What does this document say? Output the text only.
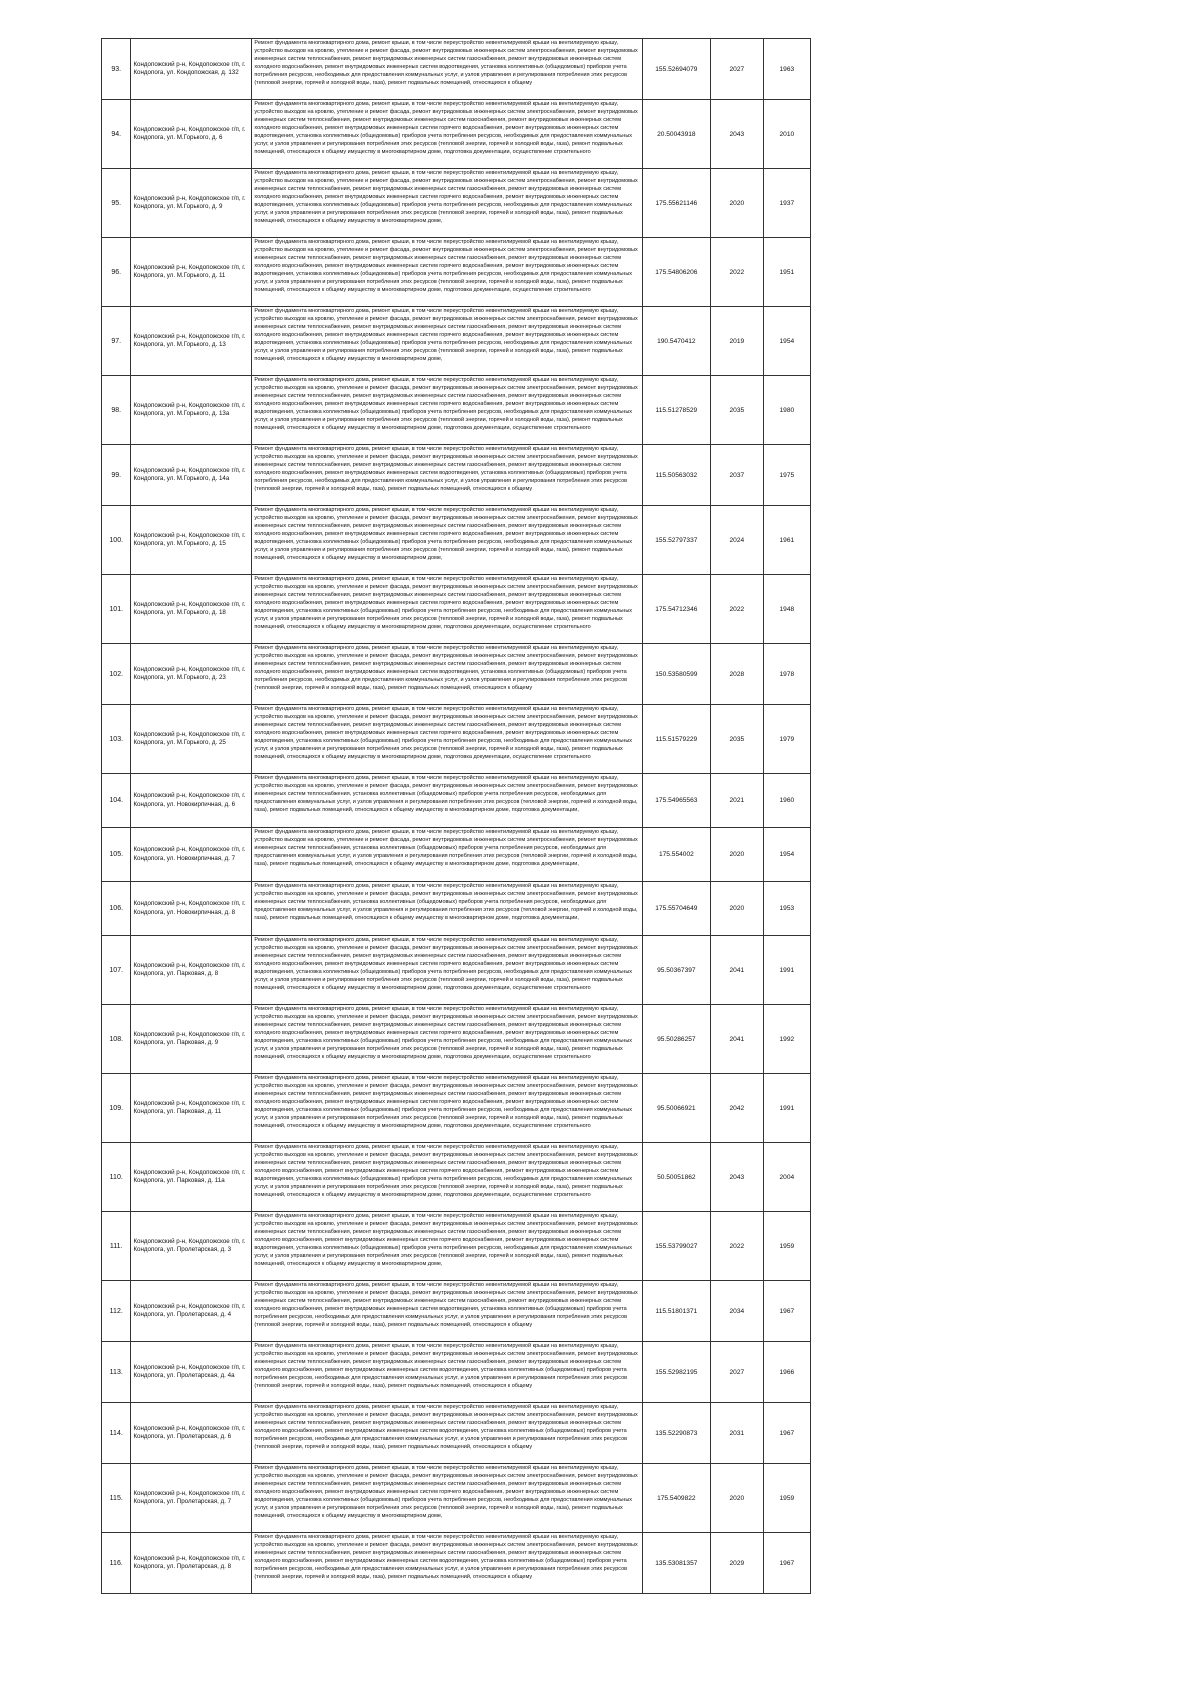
93.	Кондопожский р-н, Кондопожское г/п, г. Кондопога, ул. Кондопожская, д. 132	Ремонт фундамента многоквартирного дома, ремонт крыши, в том числе переустройство невентилируемой крыши на вентилируемую крышу, устройство выходов на кровлю, утепление и ремонт фасада, ремонт внутридомовых инженерных систем электроснабжения, ремонт внутридомовых инженерных систем теплоснабжения, ремонт внутридомовых инженерных систем газоснабжения, ремонт внутридомовых инженерных систем холодного водоснабжения, ремонт внутридомовых инженерных систем водоотведения, установка коллективных (общедомовых) приборов учета потребления ресурсов, необходимых для предоставления коммунальных услуг, и узлов управления и регулирования потребления этих ресурсов (тепловой энергии, горячей и холодной воды, газа), ремонт подвальных помещений, относящихся к общему	155.52694079	2027	1963
94.	Кондопожский р-н, Кондопожское г/п, г. Кондопога, ул. М.Горького, д. 6	Ремонт фундамента многоквартирного дома, ремонт крыши, в том числе переустройство невентилируемой крыши на вентилируемую крышу, устройство выходов на кровлю, утепление и ремонт фасада, ремонт внутридомовых инженерных систем электроснабжения, ремонт внутридомовых инженерных систем теплоснабжения, ремонт внутридомовых инженерных систем газоснабжения, ремонт внутридомовых инженерных систем холодного водоснабжения, ремонт внутридомовых инженерных систем горячего водоснабжения, ремонт внутридомовых инженерных систем водоотведения, установка коллективных (общедомовых) приборов учета потребления ресурсов, необходимых для предоставления коммунальных услуг, и узлов управления и регулирования потребления этих ресурсов (тепловой энергии, горячей и холодной воды, газа), ремонт подвальных помещений, относящихся к общему имуществу в многоквартирном доме, подготовка документации, осуществление строительного	20.50043918	2043	2010
95.	Кондопожский р-н, Кондопожское г/п, г. Кондопога, ул. М.Горького, д. 9	Ремонт фундамента многоквартирного дома, ремонт крыши, в том числе переустройство невентилируемой крыши на вентилируемую крышу, устройство выходов на кровлю, утепление и ремонт фасада, ремонт внутридомовых инженерных систем электроснабжения, ремонт внутридомовых инженерных систем теплоснабжения, ремонт внутридомовых инженерных систем газоснабжения, ремонт внутридомовых инженерных систем холодного водоснабжения, ремонт внутридомовых инженерных систем горячего водоснабжения, ремонт внутридомовых инженерных систем водоотведения, установка коллективных (общедомовых) приборов учета потребления ресурсов, необходимых для предоставления коммунальных услуг, и узлов управления и регулирования потребления этих ресурсов (тепловой энергии, горячей и холодной воды, газа), ремонт подвальных помещений, относящихся к общему имуществу в многоквартирном доме,	175.55621146	2020	1937
96.	Кондопожский р-н, Кондопожское г/п, г. Кондопога, ул. М.Горького, д. 11	Ремонт фундамента многоквартирного дома, ремонт крыши, в том числе переустройство невентилируемой крыши на вентилируемую крышу, устройство выходов на кровлю, утепление и ремонт фасада, ремонт внутридомовых инженерных систем электроснабжения, ремонт внутридомовых инженерных систем теплоснабжения, ремонт внутридомовых инженерных систем газоснабжения, ремонт внутридомовых инженерных систем холодного водоснабжения, ремонт внутридомовых инженерных систем горячего водоснабжения, ремонт внутридомовых инженерных систем водоотведения, установка коллективных (общедомовых) приборов учета потребления ресурсов, необходимых для предоставления коммунальных услуг, и узлов управления и регулирования потребления этих ресурсов (тепловой энергии, горячей и холодной воды, газа), ремонт подвальных помещений, относящихся к общему имуществу в многоквартирном доме, подготовка документации, осуществление строительного	175.54806206	2022	1951
97.	Кондопожский р-н, Кондопожское г/п, г. Кондопога, ул. М.Горького, д. 13	Ремонт фундамента многоквартирного дома, ремонт крыши, в том числе переустройство невентилируемой крыши на вентилируемую крышу, устройство выходов на кровлю, утепление и ремонт фасада, ремонт внутридомовых инженерных систем электроснабжения, ремонт внутридомовых инженерных систем теплоснабжения, ремонт внутридомовых инженерных систем газоснабжения, ремонт внутридомовых инженерных систем холодного водоснабжения, ремонт внутридомовых инженерных систем горячего водоснабжения, ремонт внутридомовых инженерных систем водоотведения, установка коллективных (общедомовых) приборов учета потребления ресурсов, необходимых для предоставления коммунальных услуг, и узлов управления и регулирования потребления этих ресурсов (тепловой энергии, горячей и холодной воды, газа), ремонт подвальных помещений, относящихся к общему имуществу в многоквартирном доме,	190.5470412	2019	1954
98.	Кондопожский р-н, Кондопожское г/п, г. Кондопога, ул. М.Горького, д. 13а	Ремонт фундамента многоквартирного дома, ремонт крыши, в том числе переустройство невентилируемой крыши на вентилируемую крышу, устройство выходов на кровлю, утепление и ремонт фасада, ремонт внутридомовых инженерных систем электроснабжения, ремонт внутридомовых инженерных систем теплоснабжения, ремонт внутридомовых инженерных систем газоснабжения, ремонт внутридомовых инженерных систем холодного водоснабжения, ремонт внутридомовых инженерных систем горячего водоснабжения, ремонт внутридомовых инженерных систем водоотведения, установка коллективных (общедомовых) приборов учета потребления ресурсов, необходимых для предоставления коммунальных услуг, и узлов управления и регулирования потребления этих ресурсов (тепловой энергии, горячей и холодной воды, газа), ремонт подвальных помещений, относящихся к общему имуществу в многоквартирном доме, подготовка документации, осуществление строительного	115.51278529	2035	1980
99.	Кондопожский р-н, Кондопожское г/п, г. Кондопога, ул. М.Горького, д. 14а	Ремонт фундамента многоквартирного дома, ремонт крыши, в том числе переустройство невентилируемой крыши на вентилируемую крышу, устройство выходов на кровлю, утепление и ремонт фасада, ремонт внутридомовых инженерных систем электроснабжения, ремонт внутридомовых инженерных систем теплоснабжения, ремонт внутридомовых инженерных систем газоснабжения, ремонт внутридомовых инженерных систем холодного водоснабжения, ремонт внутридомовых инженерных систем водоотведения, установка коллективных (общедомовых) приборов учета потребления ресурсов, необходимых для предоставления коммунальных услуг, и узлов управления и регулирования потребления этих ресурсов (тепловой энергии, горячей и холодной воды, газа), ремонт подвальных помещений, относящихся к общему	115.50563032	2037	1975
100.	Кондопожский р-н, Кондопожское г/п, г. Кондопога, ул. М.Горького, д. 15	Ремонт фундамента многоквартирного дома, ремонт крыши, в том числе переустройство невентилируемой крыши на вентилируемую крышу, устройство выходов на кровлю, утепление и ремонт фасада, ремонт внутридомовых инженерных систем электроснабжения, ремонт внутридомовых инженерных систем теплоснабжения, ремонт внутридомовых инженерных систем газоснабжения, ремонт внутридомовых инженерных систем холодного водоснабжения, ремонт внутридомовых инженерных систем горячего водоснабжения, ремонт внутридомовых инженерных систем водоотведения, установка коллективных (общедомовых) приборов учета потребления ресурсов, необходимых для предоставления коммунальных услуг, и узлов управления и регулирования потребления этих ресурсов (тепловой энергии, горячей и холодной воды, газа), ремонт подвальных помещений, относящихся к общему имуществу в многоквартирном доме,	155.52797337	2024	1961
101.	Кондопожский р-н, Кондопожское г/п, г. Кондопога, ул. М.Горького, д. 18	Ремонт фундамента многоквартирного дома, ремонт крыши, в том числе переустройство невентилируемой крыши на вентилируемую крышу, устройство выходов на кровлю, утепление и ремонт фасада, ремонт внутридомовых инженерных систем электроснабжения, ремонт внутридомовых инженерных систем теплоснабжения, ремонт внутридомовых инженерных систем газоснабжения, ремонт внутридомовых инженерных систем холодного водоснабжения, ремонт внутридомовых инженерных систем горячего водоснабжения, ремонт внутридомовых инженерных систем водоотведения, установка коллективных (общедомовых) приборов учета потребления ресурсов, необходимых для предоставления коммунальных услуг, и узлов управления и регулирования потребления этих ресурсов (тепловой энергии, горячей и холодной воды, газа), ремонт подвальных помещений, относящихся к общему имуществу в многоквартирном доме, подготовка документации, осуществление строительного	175.54712346	2022	1948
102.	Кондопожский р-н, Кондопожское г/п, г. Кондопога, ул. М.Горького, д. 23	Ремонт фундамента многоквартирного дома, ремонт крыши, в том числе переустройство невентилируемой крыши на вентилируемую крышу, устройство выходов на кровлю, утепление и ремонт фасада, ремонт внутридомовых инженерных систем электроснабжения, ремонт внутридомовых инженерных систем теплоснабжения, ремонт внутридомовых инженерных систем газоснабжения, ремонт внутридомовых инженерных систем холодного водоснабжения, ремонт внутридомовых инженерных систем водоотведения, установка коллективных (общедомовых) приборов учета потребления ресурсов, необходимых для предоставления коммунальных услуг, и узлов управления и регулирования потребления этих ресурсов (тепловой энергии, горячей и холодной воды, газа), ремонт подвальных помещений, относящихся к общему	150.53580599	2028	1978
103.	Кондопожский р-н, Кондопожское г/п, г. Кондопога, ул. М.Горького, д. 25	Ремонт фундамента многоквартирного дома, ремонт крыши, в том числе переустройство невентилируемой крыши на вентилируемую крышу, устройство выходов на кровлю, утепление и ремонт фасада, ремонт внутридомовых инженерных систем электроснабжения, ремонт внутридомовых инженерных систем теплоснабжения, ремонт внутридомовых инженерных систем газоснабжения, ремонт внутридомовых инженерных систем холодного водоснабжения, ремонт внутридомовых инженерных систем горячего водоснабжения, ремонт внутридомовых инженерных систем водоотведения, установка коллективных (общедомовых) приборов учета потребления ресурсов, необходимых для предоставления коммунальных услуг, и узлов управления и регулирования потребления этих ресурсов (тепловой энергии, горячей и холодной воды, газа), ремонт подвальных помещений, относящихся к общему имуществу в многоквартирном доме, подготовка документации, осуществление строительного	115.51579229	2035	1979
104.	Кондопожский р-н, Кондопожское г/п, г. Кондопога, ул. Новокирпичная, д. 6	Ремонт фундамента многоквартирного дома, ремонт крыши, в том числе переустройство невентилируемой крыши на вентилируемую крышу, устройство выходов на кровлю, утепление и ремонт фасада, ремонт внутридомовых инженерных систем электроснабжения, ремонт внутридомовых инженерных систем теплоснабжения, установка коллективных (общедомовых) приборов учета потребления ресурсов, необходимых для предоставления коммунальных услуг, и узлов управления и регулирования потребления этих ресурсов (тепловой энергии, горячей и холодной воды, газа), ремонт подвальных помещений, относящихся к общему имуществу в многоквартирном доме, подготовка документации,	175.54965563	2021	1960
105.	Кондопожский р-н, Кондопожское г/п, г. Кондопога, ул. Новокирпичная, д. 7	Ремонт фундамента многоквартирного дома, ремонт крыши, в том числе переустройство невентилируемой крыши на вентилируемую крышу, устройство выходов на кровлю, утепление и ремонт фасада, ремонт внутридомовых инженерных систем электроснабжения, ремонт внутридомовых инженерных систем теплоснабжения, установка коллективных (общедомовых) приборов учета потребления ресурсов, необходимых для предоставления коммунальных услуг, и узлов управления и регулирования потребления этих ресурсов (тепловой энергии, горячей и холодной воды, газа), ремонт подвальных помещений, относящихся к общему имуществу в многоквартирном доме, подготовка документации,	175.554002	2020	1954
106.	Кондопожский р-н, Кондопожское г/п, г. Кондопога, ул. Новокирпичная, д. 8	Ремонт фундамента многоквартирного дома, ремонт крыши, в том числе переустройство невентилируемой крыши на вентилируемую крышу, устройство выходов на кровлю, утепление и ремонт фасада, ремонт внутридомовых инженерных систем электроснабжения, ремонт внутридомовых инженерных систем теплоснабжения, установка коллективных (общедомовых) приборов учета потребления ресурсов, необходимых для предоставления коммунальных услуг, и узлов управления и регулирования потребления этих ресурсов (тепловой энергии, горячей и холодной воды, газа), ремонт подвальных помещений, относящихся к общему имуществу в многоквартирном доме, подготовка документации,	175.55704649	2020	1953
107.	Кондопожский р-н, Кондопожское г/п, г. Кондопога, ул. Парковая, д. 8	Ремонт фундамента многоквартирного дома, ремонт крыши, в том числе переустройство невентилируемой крыши на вентилируемую крышу, устройство выходов на кровлю, утепление и ремонт фасада, ремонт внутридомовых инженерных систем электроснабжения, ремонт внутридомовых инженерных систем теплоснабжения, ремонт внутридомовых инженерных систем газоснабжения, ремонт внутридомовых инженерных систем холодного водоснабжения, ремонт внутридомовых инженерных систем горячего водоснабжения, ремонт внутридомовых инженерных систем водоотведения, установка коллективных (общедомовых) приборов учета потребления ресурсов, необходимых для предоставления коммунальных услуг, и узлов управления и регулирования потребления этих ресурсов (тепловой энергии, горячей и холодной воды, газа), ремонт подвальных помещений, относящихся к общему имуществу в многоквартирном доме, подготовка документации, осуществление строительного	95.50367397	2041	1991
108.	Кондопожский р-н, Кондопожское г/п, г. Кондопога, ул. Парковая, д. 9	Ремонт фундамента многоквартирного дома, ремонт крыши, в том числе переустройство невентилируемой крыши на вентилируемую крышу, устройство выходов на кровлю, утепление и ремонт фасада, ремонт внутридомовых инженерных систем электроснабжения, ремонт внутридомовых инженерных систем теплоснабжения, ремонт внутридомовых инженерных систем газоснабжения, ремонт внутридомовых инженерных систем холодного водоснабжения, ремонт внутридомовых инженерных систем горячего водоснабжения, ремонт внутридомовых инженерных систем водоотведения, установка коллективных (общедомовых) приборов учета потребления ресурсов, необходимых для предоставления коммунальных услуг, и узлов управления и регулирования потребления этих ресурсов (тепловой энергии, горячей и холодной воды, газа), ремонт подвальных помещений, относящихся к общему имуществу в многоквартирном доме, подготовка документации, осуществление строительного	95.50286257	2041	1992
109.	Кондопожский р-н, Кондопожское г/п, г. Кондопога, ул. Парковая, д. 11	Ремонт фундамента многоквартирного дома, ремонт крыши, в том числе переустройство невентилируемой крыши на вентилируемую крышу, устройство выходов на кровлю, утепление и ремонт фасада, ремонт внутридомовых инженерных систем электроснабжения, ремонт внутридомовых инженерных систем теплоснабжения, ремонт внутридомовых инженерных систем газоснабжения, ремонт внутридомовых инженерных систем холодного водоснабжения, ремонт внутридомовых инженерных систем горячего водоснабжения, ремонт внутридомовых инженерных систем водоотведения, установка коллективных (общедомовых) приборов учета потребления ресурсов, необходимых для предоставления коммунальных услуг, и узлов управления и регулирования потребления этих ресурсов (тепловой энергии, горячей и холодной воды, газа), ремонт подвальных помещений, относящихся к общему имуществу в многоквартирном доме, подготовка документации, осуществление строительного	95.50066921	2042	1991
110.	Кондопожский р-н, Кондопожское г/п, г. Кондопога, ул. Парковая, д. 11а	Ремонт фундамента многоквартирного дома, ремонт крыши, в том числе переустройство невентилируемой крыши на вентилируемую крышу, устройство выходов на кровлю, утепление и ремонт фасада, ремонт внутридомовых инженерных систем электроснабжения, ремонт внутридомовых инженерных систем теплоснабжения, ремонт внутридомовых инженерных систем газоснабжения, ремонт внутридомовых инженерных систем холодного водоснабжения, ремонт внутридомовых инженерных систем горячего водоснабжения, ремонт внутридомовых инженерных систем водоотведения, установка коллективных (общедомовых) приборов учета потребления ресурсов, необходимых для предоставления коммунальных услуг, и узлов управления и регулирования потребления этих ресурсов (тепловой энергии, горячей и холодной воды, газа), ремонт подвальных помещений, относящихся к общему имуществу в многоквартирном доме, подготовка документации, осуществление строительного	50.50051862	2043	2004
111.	Кондопожский р-н, Кондопожское г/п, г. Кондопога, ул. Пролетарская, д. 3	Ремонт фундамента многоквартирного дома, ремонт крыши, в том числе переустройство невентилируемой крыши на вентилируемую крышу, устройство выходов на кровлю, утепление и ремонт фасада, ремонт внутридомовых инженерных систем электроснабжения, ремонт внутридомовых инженерных систем теплоснабжения, ремонт внутридомовых инженерных систем газоснабжения, ремонт внутридомовых инженерных систем холодного водоснабжения, ремонт внутридомовых инженерных систем горячего водоснабжения, ремонт внутридомовых инженерных систем водоотведения, установка коллективных (общедомовых) приборов учета потребления ресурсов, необходимых для предоставления коммунальных услуг, и узлов управления и регулирования потребления этих ресурсов (тепловой энергии, горячей и холодной воды, газа), ремонт подвальных помещений, относящихся к общему имуществу в многоквартирном доме,	155.53799027	2022	1959
112.	Кондопожский р-н, Кондопожское г/п, г. Кондопога, ул. Пролетарская, д. 4	Ремонт фундамента многоквартирного дома, ремонт крыши, в том числе переустройство невентилируемой крыши на вентилируемую крышу, устройство выходов на кровлю, утепление и ремонт фасада, ремонт внутридомовых инженерных систем электроснабжения, ремонт внутридомовых инженерных систем теплоснабжения, ремонт внутридомовых инженерных систем газоснабжения, ремонт внутридомовых инженерных систем холодного водоснабжения, ремонт внутридомовых инженерных систем водоотведения, установка коллективных (общедомовых) приборов учета потребления ресурсов, необходимых для предоставления коммунальных услуг, и узлов управления и регулирования потребления этих ресурсов (тепловой энергии, горячей и холодной воды, газа), ремонт подвальных помещений, относящихся к общему	115.51801371	2034	1967
113.	Кондопожский р-н, Кондопожское г/п, г. Кондопога, ул. Пролетарская, д. 4а	Ремонт фундамента многоквартирного дома, ремонт крыши, в том числе переустройство невентилируемой крыши на вентилируемую крышу, устройство выходов на кровлю, утепление и ремонт фасада, ремонт внутридомовых инженерных систем электроснабжения, ремонт внутридомовых инженерных систем теплоснабжения, ремонт внутридомовых инженерных систем газоснабжения, ремонт внутридомовых инженерных систем холодного водоснабжения, ремонт внутридомовых инженерных систем водоотведения, установка коллективных (общедомовых) приборов учета потребления ресурсов, необходимых для предоставления коммунальных услуг, и узлов управления и регулирования потребления этих ресурсов (тепловой энергии, горячей и холодной воды, газа), ремонт подвальных помещений, относящихся к общему	155.52982195	2027	1966
114.	Кондопожский р-н, Кондопожское г/п, г. Кондопога, ул. Пролетарская, д. 6	Ремонт фундамента многоквартирного дома, ремонт крыши, в том числе переустройство невентилируемой крыши на вентилируемую крышу, устройство выходов на кровлю, утепление и ремонт фасада, ремонт внутридомовых инженерных систем электроснабжения, ремонт внутридомовых инженерных систем теплоснабжения, ремонт внутридомовых инженерных систем газоснабжения, ремонт внутридомовых инженерных систем холодного водоснабжения, ремонт внутридомовых инженерных систем водоотведения, установка коллективных (общедомовых) приборов учета потребления ресурсов, необходимых для предоставления коммунальных услуг, и узлов управления и регулирования потребления этих ресурсов (тепловой энергии, горячей и холодной воды, газа), ремонт подвальных помещений, относящихся к общему	135.52290873	2031	1967
115.	Кондопожский р-н, Кондопожское г/п, г. Кондопога, ул. Пролетарская, д. 7	Ремонт фундамента многоквартирного дома, ремонт крыши, в том числе переустройство невентилируемой крыши на вентилируемую крышу, устройство выходов на кровлю, утепление и ремонт фасада, ремонт внутридомовых инженерных систем электроснабжения, ремонт внутридомовых инженерных систем теплоснабжения, ремонт внутридомовых инженерных систем газоснабжения, ремонт внутридомовых инженерных систем холодного водоснабжения, ремонт внутридомовых инженерных систем горячего водоснабжения, ремонт внутридомовых инженерных систем водоотведения, установка коллективных (общедомовых) приборов учета потребления ресурсов, необходимых для предоставления коммунальных услуг, и узлов управления и регулирования потребления этих ресурсов (тепловой энергии, горячей и холодной воды, газа), ремонт подвальных помещений, относящихся к общему имуществу в многоквартирном доме,	175.5409822	2020	1959
116.	Кондопожский р-н, Кондопожское г/п, г. Кондопога, ул. Пролетарская, д. 8	Ремонт фундамента многоквартирного дома, ремонт крыши, в том числе переустройство невентилируемой крыши на вентилируемую крышу, устройство выходов на кровлю, утепление и ремонт фасада, ремонт внутридомовых инженерных систем электроснабжения, ремонт внутридомовых инженерных систем теплоснабжения, ремонт внутридомовых инженерных систем газоснабжения, ремонт внутридомовых инженерных систем холодного водоснабжения, ремонт внутридомовых инженерных систем водоотведения, установка коллективных (общедомовых) приборов учета потребления ресурсов, необходимых для предоставления коммунальных услуг, и узлов управления и регулирования потребления этих ресурсов (тепловой энергии, горячей и холодной воды, газа), ремонт подвальных помещений, относящихся к общему	135.53081357	2029	1967
